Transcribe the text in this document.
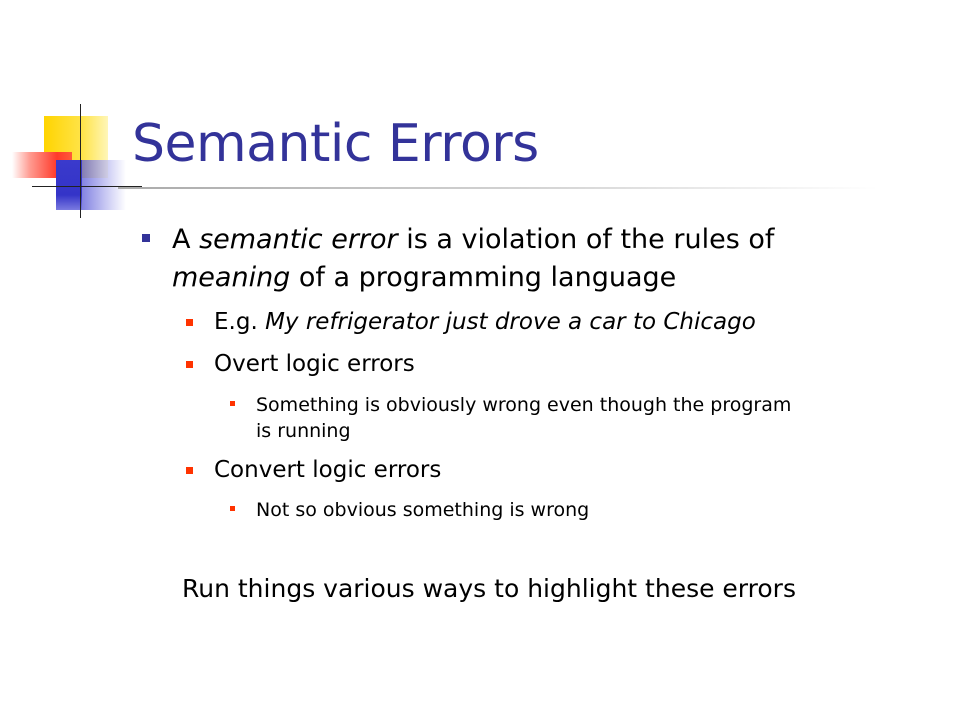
Semantic Errors
A semantic error is a violation of the rules of
meaning of a programming language
E.g. My refrigerator just drove a car to Chicago
Overt logic errors
Something is obviously wrong even though the program
is running
Convert logic errors
Not so obvious something is wrong
Run things various ways to highlight these errors
